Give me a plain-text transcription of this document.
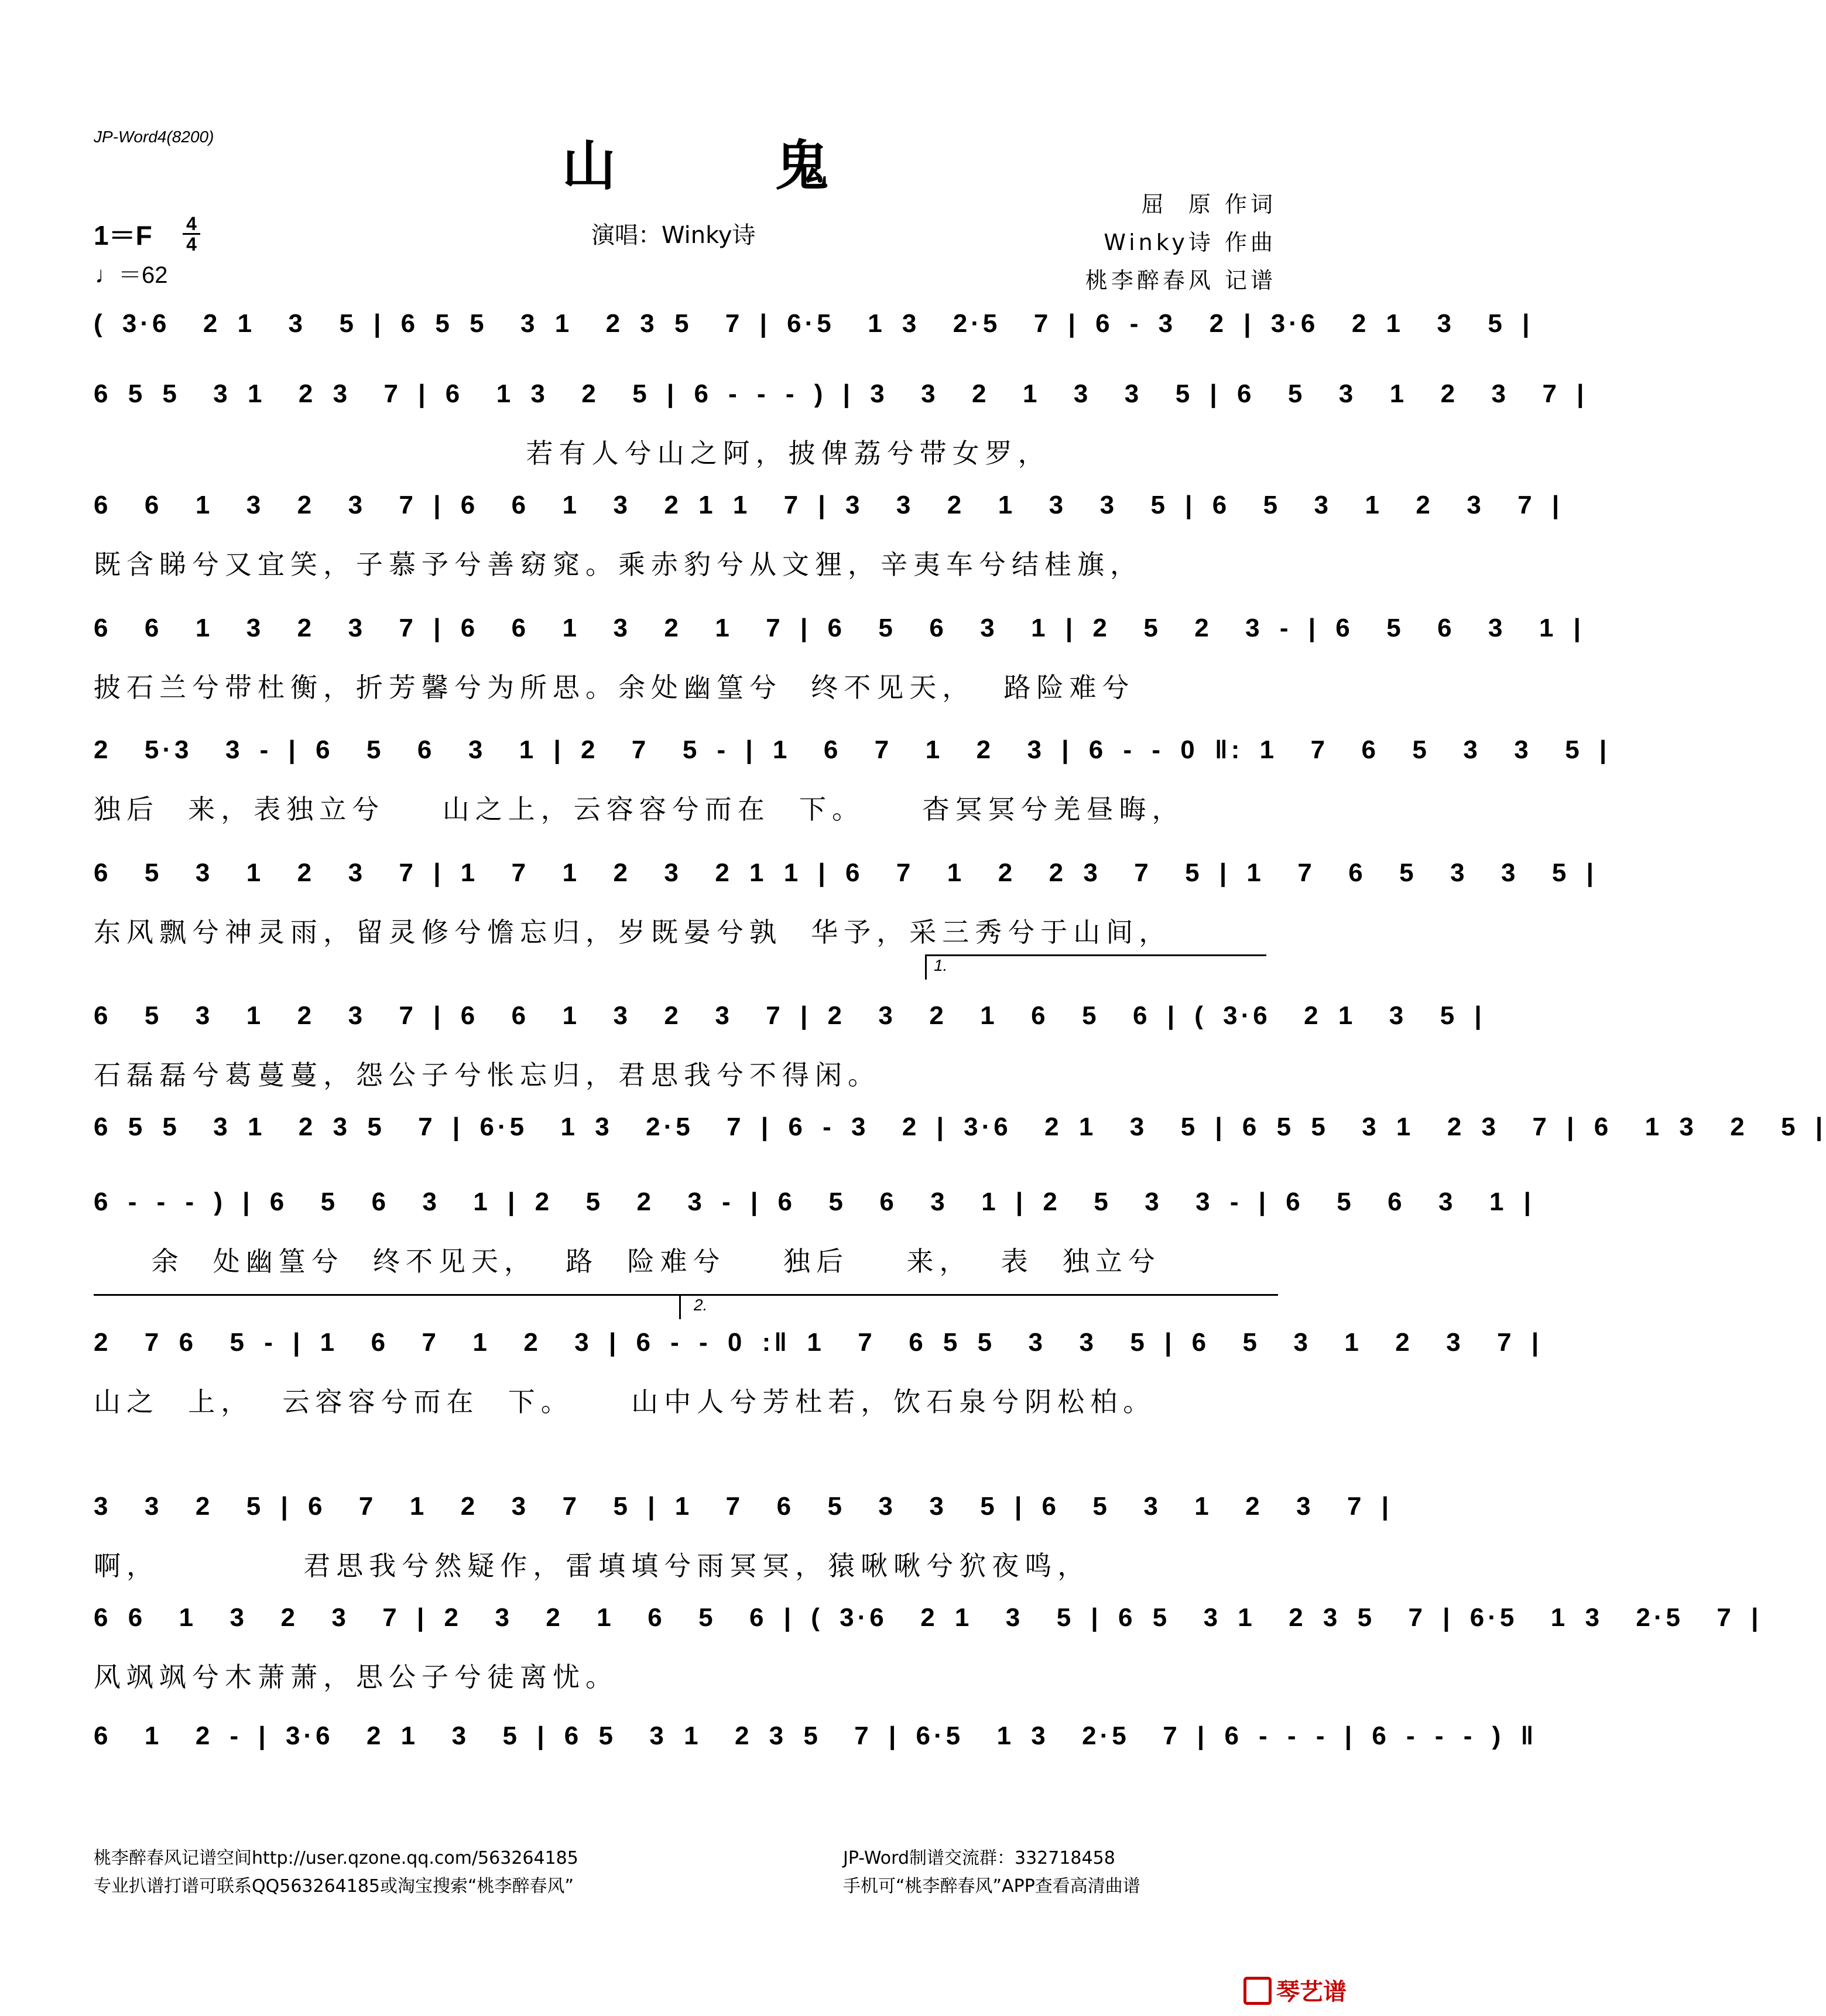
JP-Word4(8200)	山 鬼
演唱：Winky诗
屈  原 作词
Winky诗 作曲
桃李醉春风 记谱
1＝F 4
4
♩＝62
( 3·6  2 1  3  5 | 6 5 5  3 1  2 3 5  7 | 6·5  1 3  2·5  7 | 6 - 3  2 | 3·6  2 1  3  5 |
6 5 5  3 1  2 3  7 | 6  1 3  2  5 | 6 - - - ) | 3  3  2  1  3  3  5 | 6  5  3  1  2  3  7 |
若有人兮山之阿，披俾荔兮带女罗，
6  6  1  3  2  3  7 | 6  6  1  3  2 1 1  7 | 3  3  2  1  3  3  5 | 6  5  3  1  2  3  7 |
既含睇兮又宜笑，子慕予兮善窈窕。乘赤豹兮从文狸，辛夷车兮结桂旗，
6  6  1  3  2  3  7 | 6  6  1  3  2  1  7 | 6  5  6  3  1 | 2  5  2  3 - | 6  5  6  3  1 |
披石兰兮带杜衡，折芳馨兮为所思。余处幽篁兮  终不见天，  路险难兮
2  5·3  3 - | 6  5  6  3  1 | 2  7  5 - | 1  6  7  1  2  3 | 6 - - 0 ‖: 1  7  6  5  3  3  5 |
独后  来，表独立兮    山之上，云容容兮而在  下。    杳冥冥兮羌昼晦，
6  5  3  1  2  3  7 | 1  7  1  2  3  2 1 1 | 6  7  1  2  2 3  7  5 | 1  7  6  5  3  3  5 |
东风飘兮神灵雨，留灵修兮憺忘归，岁既晏兮孰  华予，采三秀兮于山间，
1.
6  5  3  1  2  3  7 | 6  6  1  3  2  3  7 | 2  3  2  1  6  5  6 | ( 3·6  2 1  3  5 |
石磊磊兮葛蔓蔓，怨公子兮怅忘归，君思我兮不得闲。
6 5 5  3 1  2 3 5  7 | 6·5  1 3  2·5  7 | 6 - 3  2 | 3·6  2 1  3  5 | 6 5 5  3 1  2 3  7 | 6  1 3  2  5 |
6 - - - ) | 6  5  6  3  1 | 2  5  2  3 - | 6  5  6  3  1 | 2  5  3  3 - | 6  5  6  3  1 |
余  处幽篁兮  终不见天，  路  险难兮    独后    来，  表  独立兮
2.
2  7 6  5 - | 1  6  7  1  2  3 | 6 - - 0 :‖ 1  7  6 5 5  3  3  5 | 6  5  3  1  2  3  7 |
山之  上，  云容容兮而在  下。    山中人兮芳杜若，饮石泉兮阴松柏。
3  3  2  5 | 6  7  1  2  3  7  5 | 1  7  6  5  3  3  5 | 6  5  3  1  2  3  7 |
啊，          君思我兮然疑作，雷填填兮雨冥冥，猿啾啾兮狖夜鸣，
6 6  1  3  2  3  7 | 2  3  2  1  6  5  6 | ( 3·6  2 1  3  5 | 6 5  3 1  2 3 5  7 | 6·5  1 3  2·5  7 |
风飒飒兮木萧萧，思公子兮徒离忧。
6  1  2 - | 3·6  2 1  3  5 | 6 5  3 1  2 3 5  7 | 6·5  1 3  2·5  7 | 6 - - - | 6 - - - ) ‖
桃李醉春风记谱空间http://user.qzone.qq.com/563264185
专业扒谱打谱可联系QQ563264185或淘宝搜索“桃李醉春风”
JP-Word制谱交流群：332718458
手机可“桃李醉春风”APP查看高清曲谱
琴艺谱
